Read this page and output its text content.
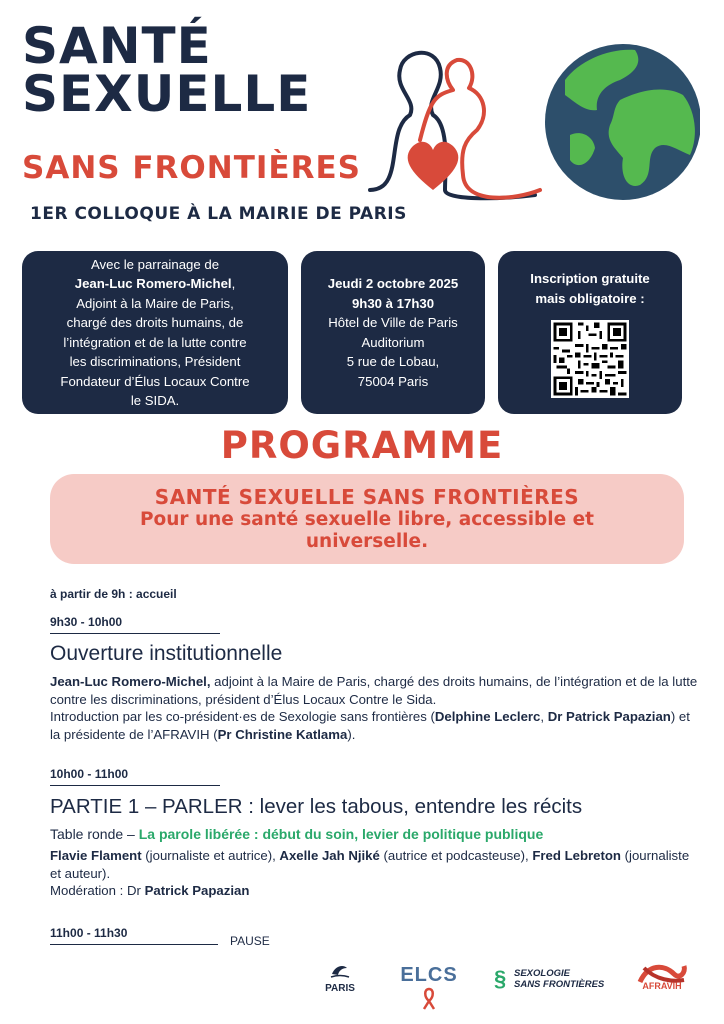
SANTÉ
SEXUELLE
SANS FRONTIÈRES
1ER COLLOQUE À LA MAIRIE DE PARIS
Avec le parrainage de
Jean-Luc Romero-Michel,
Adjoint à la Maire de Paris,
chargé des droits humains, de
l’intégration et de la lutte contre
les discriminations, Président
Fondateur d’Élus Locaux Contre
le SIDA.
Jeudi 2 octobre 2025
9h30 à 17h30
Hôtel de Ville de Paris
Auditorium
5 rue de Lobau,
75004 Paris
Inscription gratuite
mais obligatoire :
PROGRAMME
SANTÉ SEXUELLE SANS FRONTIÈRES
Pour une santé sexuelle libre, accessible et
universelle.
à partir de 9h : accueil
9h30 - 10h00
Ouverture institutionnelle
Jean-Luc Romero-Michel, adjoint à la Maire de Paris, chargé des droits humains, de l’intégration et de la lutte contre les discriminations, président d’Élus Locaux Contre le Sida.
Introduction par les co-président·es de Sexologie sans frontières (Delphine Leclerc, Dr Patrick Papazian) et la présidente de l’AFRAVIH (Pr Christine Katlama).
10h00 - 11h00
PARTIE 1 – PARLER : lever les tabous, entendre les récits
Table ronde – La parole libérée : début du soin, levier de politique publique
Flavie Flament (journaliste et autrice), Axelle Jah Njiké (autrice et podcasteuse), Fred Lebreton (journaliste et auteur).
Modération : Dr Patrick Papazian
11h00 - 11h30
PAUSE
PARIS
ELCS § SEXOLOGIE
SANS FRONTIÈRES	AFRAVIH
